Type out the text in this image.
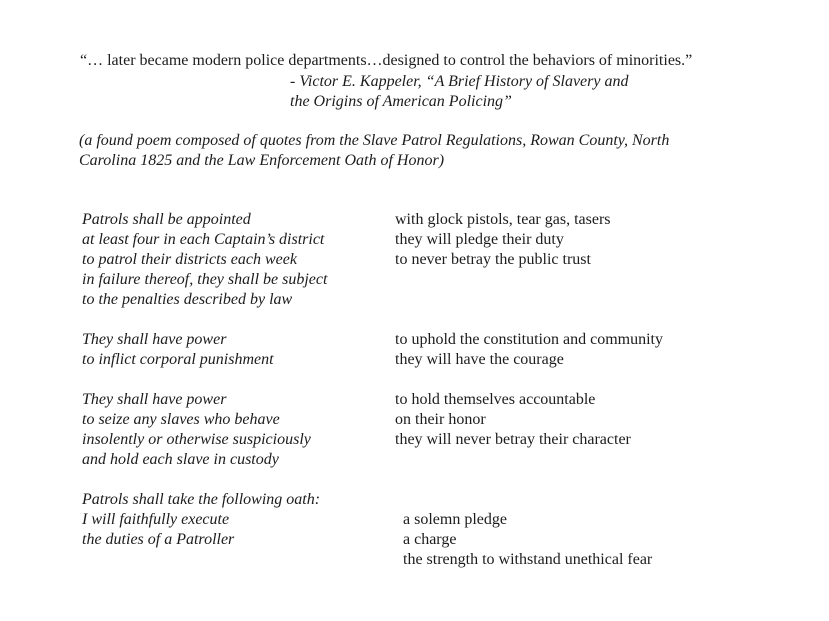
“… later became modern police departments…designed to control the behaviors of minorities.”
- Victor E. Kappeler, “A Brief History of Slavery and
the Origins of American Policing”
(a found poem composed of quotes from the Slave Patrol Regulations, Rowan County, North
Carolina 1825 and the Law Enforcement Oath of Honor)
Patrols shall be appointed
at least four in each Captain’s district
to patrol their districts each week
in failure thereof, they shall be subject
to the penalties described by law
with glock pistols, tear gas, tasers
they will pledge their duty
to never betray the public trust
They shall have power
to inflict corporal punishment
to uphold the constitution and community
they will have the courage
They shall have power
to seize any slaves who behave
insolently or otherwise suspiciously
and hold each slave in custody
to hold themselves accountable
on their honor
they will never betray their character
Patrols shall take the following oath:
I will faithfully execute
the duties of a Patroller
a solemn pledge
a charge
the strength to withstand unethical fear
